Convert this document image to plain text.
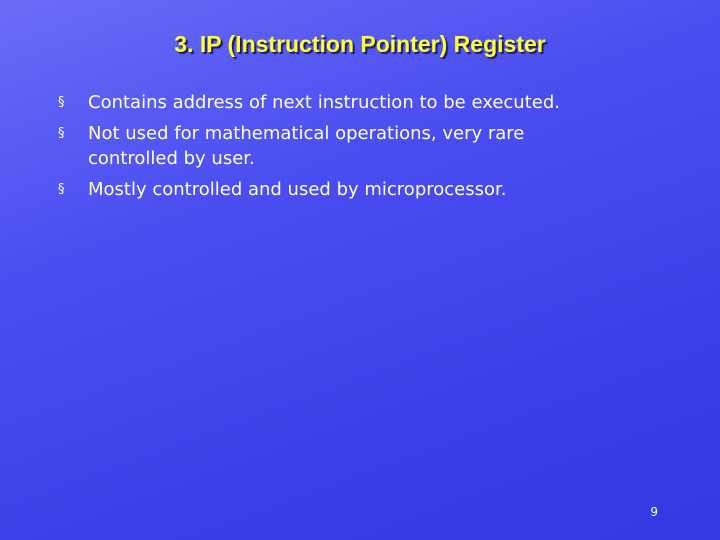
3. IP (Instruction Pointer) Register
§ Contains address of next instruction to be executed.
§ Not used for mathematical operations, very rare controlled by user.
§ Mostly controlled and used by microprocessor.
9
